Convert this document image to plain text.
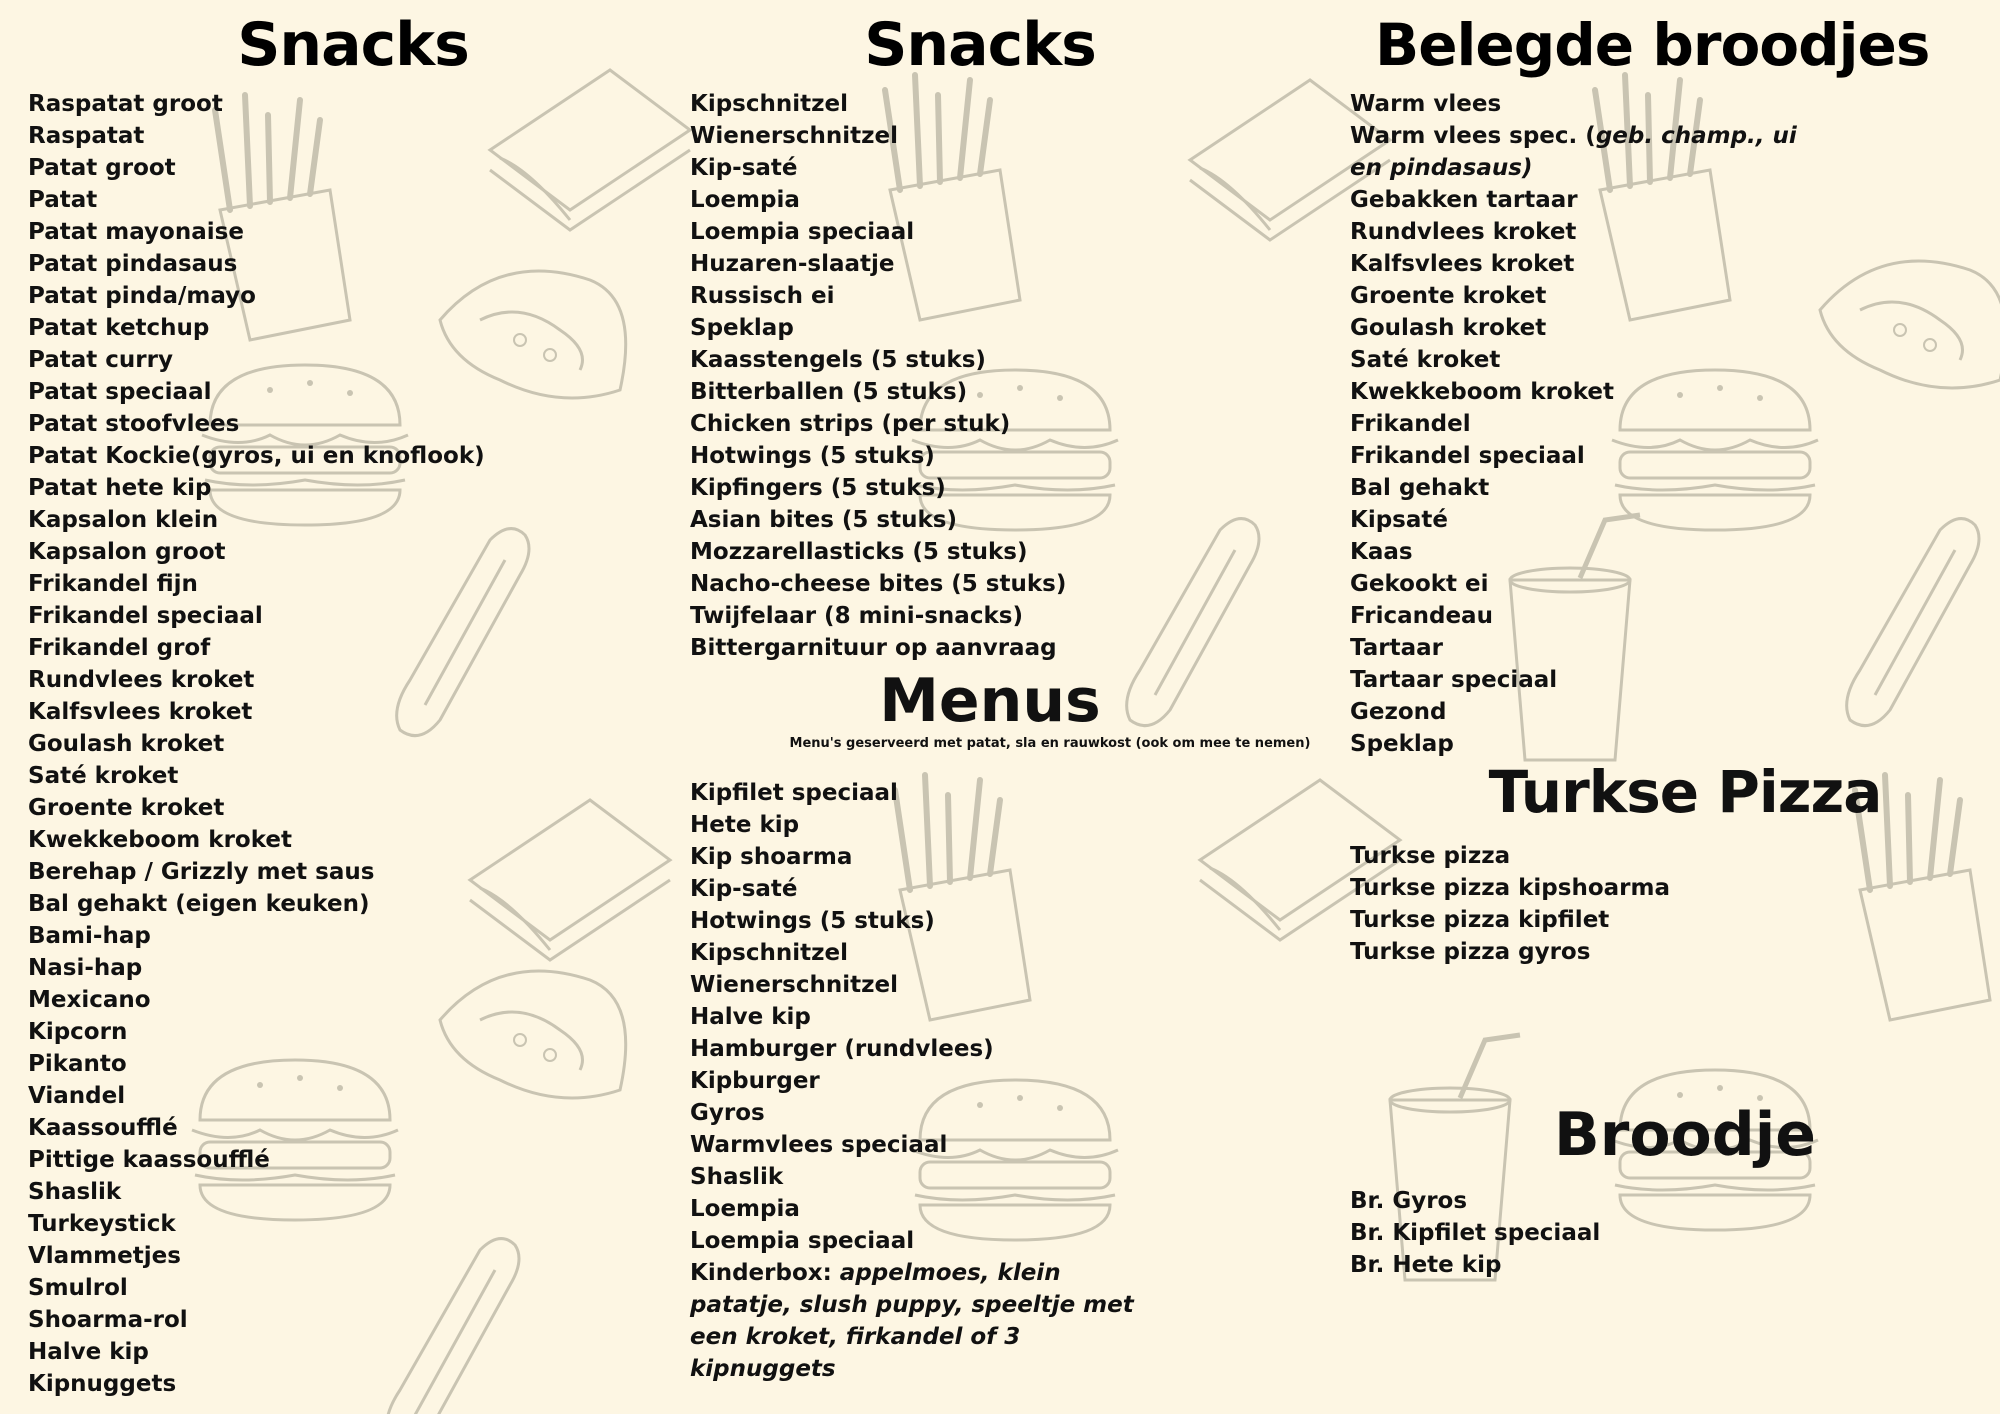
Snacks
Raspatat groot
Raspatat
Patat groot
Patat
Patat mayonaise
Patat pindasaus
Patat pinda/mayo
Patat ketchup
Patat curry
Patat speciaal
Patat stoofvlees
Patat Kockie(gyros, ui en knoflook)
Patat hete kip
Kapsalon klein
Kapsalon groot
Frikandel fijn
Frikandel speciaal
Frikandel grof
Rundvlees kroket
Kalfsvlees kroket
Goulash kroket
Saté kroket
Groente kroket
Kwekkeboom kroket
Berehap / Grizzly met saus
Bal gehakt (eigen keuken)
Bami-hap
Nasi-hap
Mexicano
Kipcorn
Pikanto
Viandel
Kaassoufflé
Pittige kaassoufflé
Shaslik
Turkeystick
Vlammetjes
Smulrol
Shoarma-rol
Halve kip
Kipnuggets
Snacks
Kipschnitzel
Wienerschnitzel
Kip-saté
Loempia
Loempia speciaal
Huzaren-slaatje
Russisch ei
Speklap
Kaasstengels (5 stuks)
Bitterballen (5 stuks)
Chicken strips (per stuk)
Hotwings (5 stuks)
Kipfingers (5 stuks)
Asian bites (5 stuks)
Mozzarellasticks (5 stuks)
Nacho-cheese bites (5 stuks)
Twijfelaar (8 mini-snacks)
Bittergarnituur op aanvraag
Menus
Menu's geserveerd met patat, sla en rauwkost (ook om mee te nemen)
Kipfilet speciaal
Hete kip
Kip shoarma
Kip-saté
Hotwings (5 stuks)
Kipschnitzel
Wienerschnitzel
Halve kip
Hamburger (rundvlees)
Kipburger
Gyros
Warmvlees speciaal
Shaslik
Loempia
Loempia speciaal
Kinderbox: appelmoes, klein patatje, slush puppy, speeltje met een kroket, firkandel of 3 kipnuggets
Belegde broodjes
Warm vlees
Warm vlees spec. (geb. champ., ui en pindasaus)
Gebakken tartaar
Rundvlees kroket
Kalfsvlees kroket
Groente kroket
Goulash kroket
Saté kroket
Kwekkeboom kroket
Frikandel
Frikandel speciaal
Bal gehakt
Kipsaté
Kaas
Gekookt ei
Fricandeau
Tartaar
Tartaar speciaal
Gezond
Speklap
Turkse Pizza
Turkse pizza
Turkse pizza kipshoarma
Turkse pizza kipfilet
Turkse pizza gyros
Broodje
Br. Gyros
Br. Kipfilet speciaal
Br. Hete kip
